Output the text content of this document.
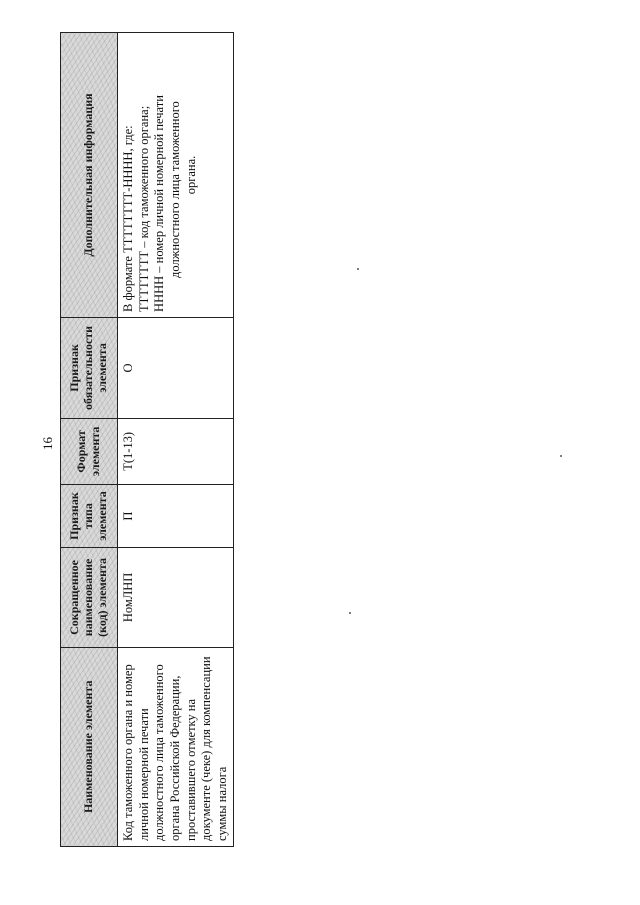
16
Наименование элемента	Сокращенное наименование (код) элемента	Признак типа элемента	Формат элемента	Признак обязательности элемента	Дополнительная информация
Код таможенного органа и номер личной номерной печати должностного лица таможенного органа Российской Федерации, проставившего отметку на документе (чеке) для компенсации суммы налога	НомЛНП	П	T(1-13)	О	В формате ТТТТТТТТ-НННН, где: ТТТТТТТТ – код таможенного органа; НННН – номер личной номерной печати должностного лица таможенного органа.
